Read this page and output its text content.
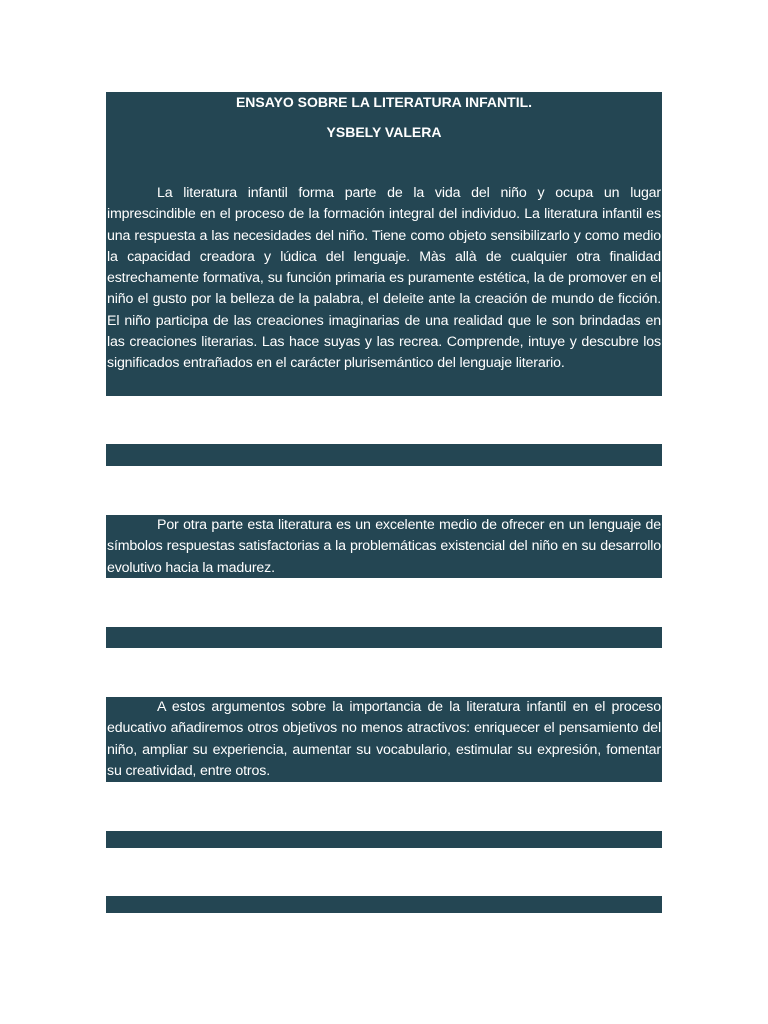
ENSAYO SOBRE LA LITERATURA INFANTIL.

YSBELY VALERA

La literatura infantil forma parte de la vida del niño y ocupa un lugar imprescindible en el proceso de la formación integral del individuo. La literatura infantil es una respuesta a las necesidades del niño. Tiene como objeto sensibilizarlo y como medio la capacidad creadora y lúdica del lenguaje. Màs allà de cualquier otra finalidad estrechamente formativa, su función primaria es puramente estética, la de promover en el niño el gusto por la belleza de la palabra, el deleite ante la creación de mundo de ficción. El niño participa de las creaciones imaginarias de una realidad que le son brindadas en las creaciones literarias. Las hace suyas y las recrea. Comprende, intuye y descubre los significados entrañados en el carácter plurisemántico del lenguaje literario.

Por otra parte esta literatura es un excelente medio de ofrecer en un lenguaje de símbolos respuestas satisfactorias a la problemáticas existencial del niño en su desarrollo evolutivo hacia la madurez.

A estos argumentos sobre la importancia de la literatura infantil en el proceso educativo añadiremos otros objetivos no menos atractivos: enriquecer el pensamiento del niño, ampliar su experiencia, aumentar su vocabulario, estimular su expresión, fomentar su creatividad, entre otros.
